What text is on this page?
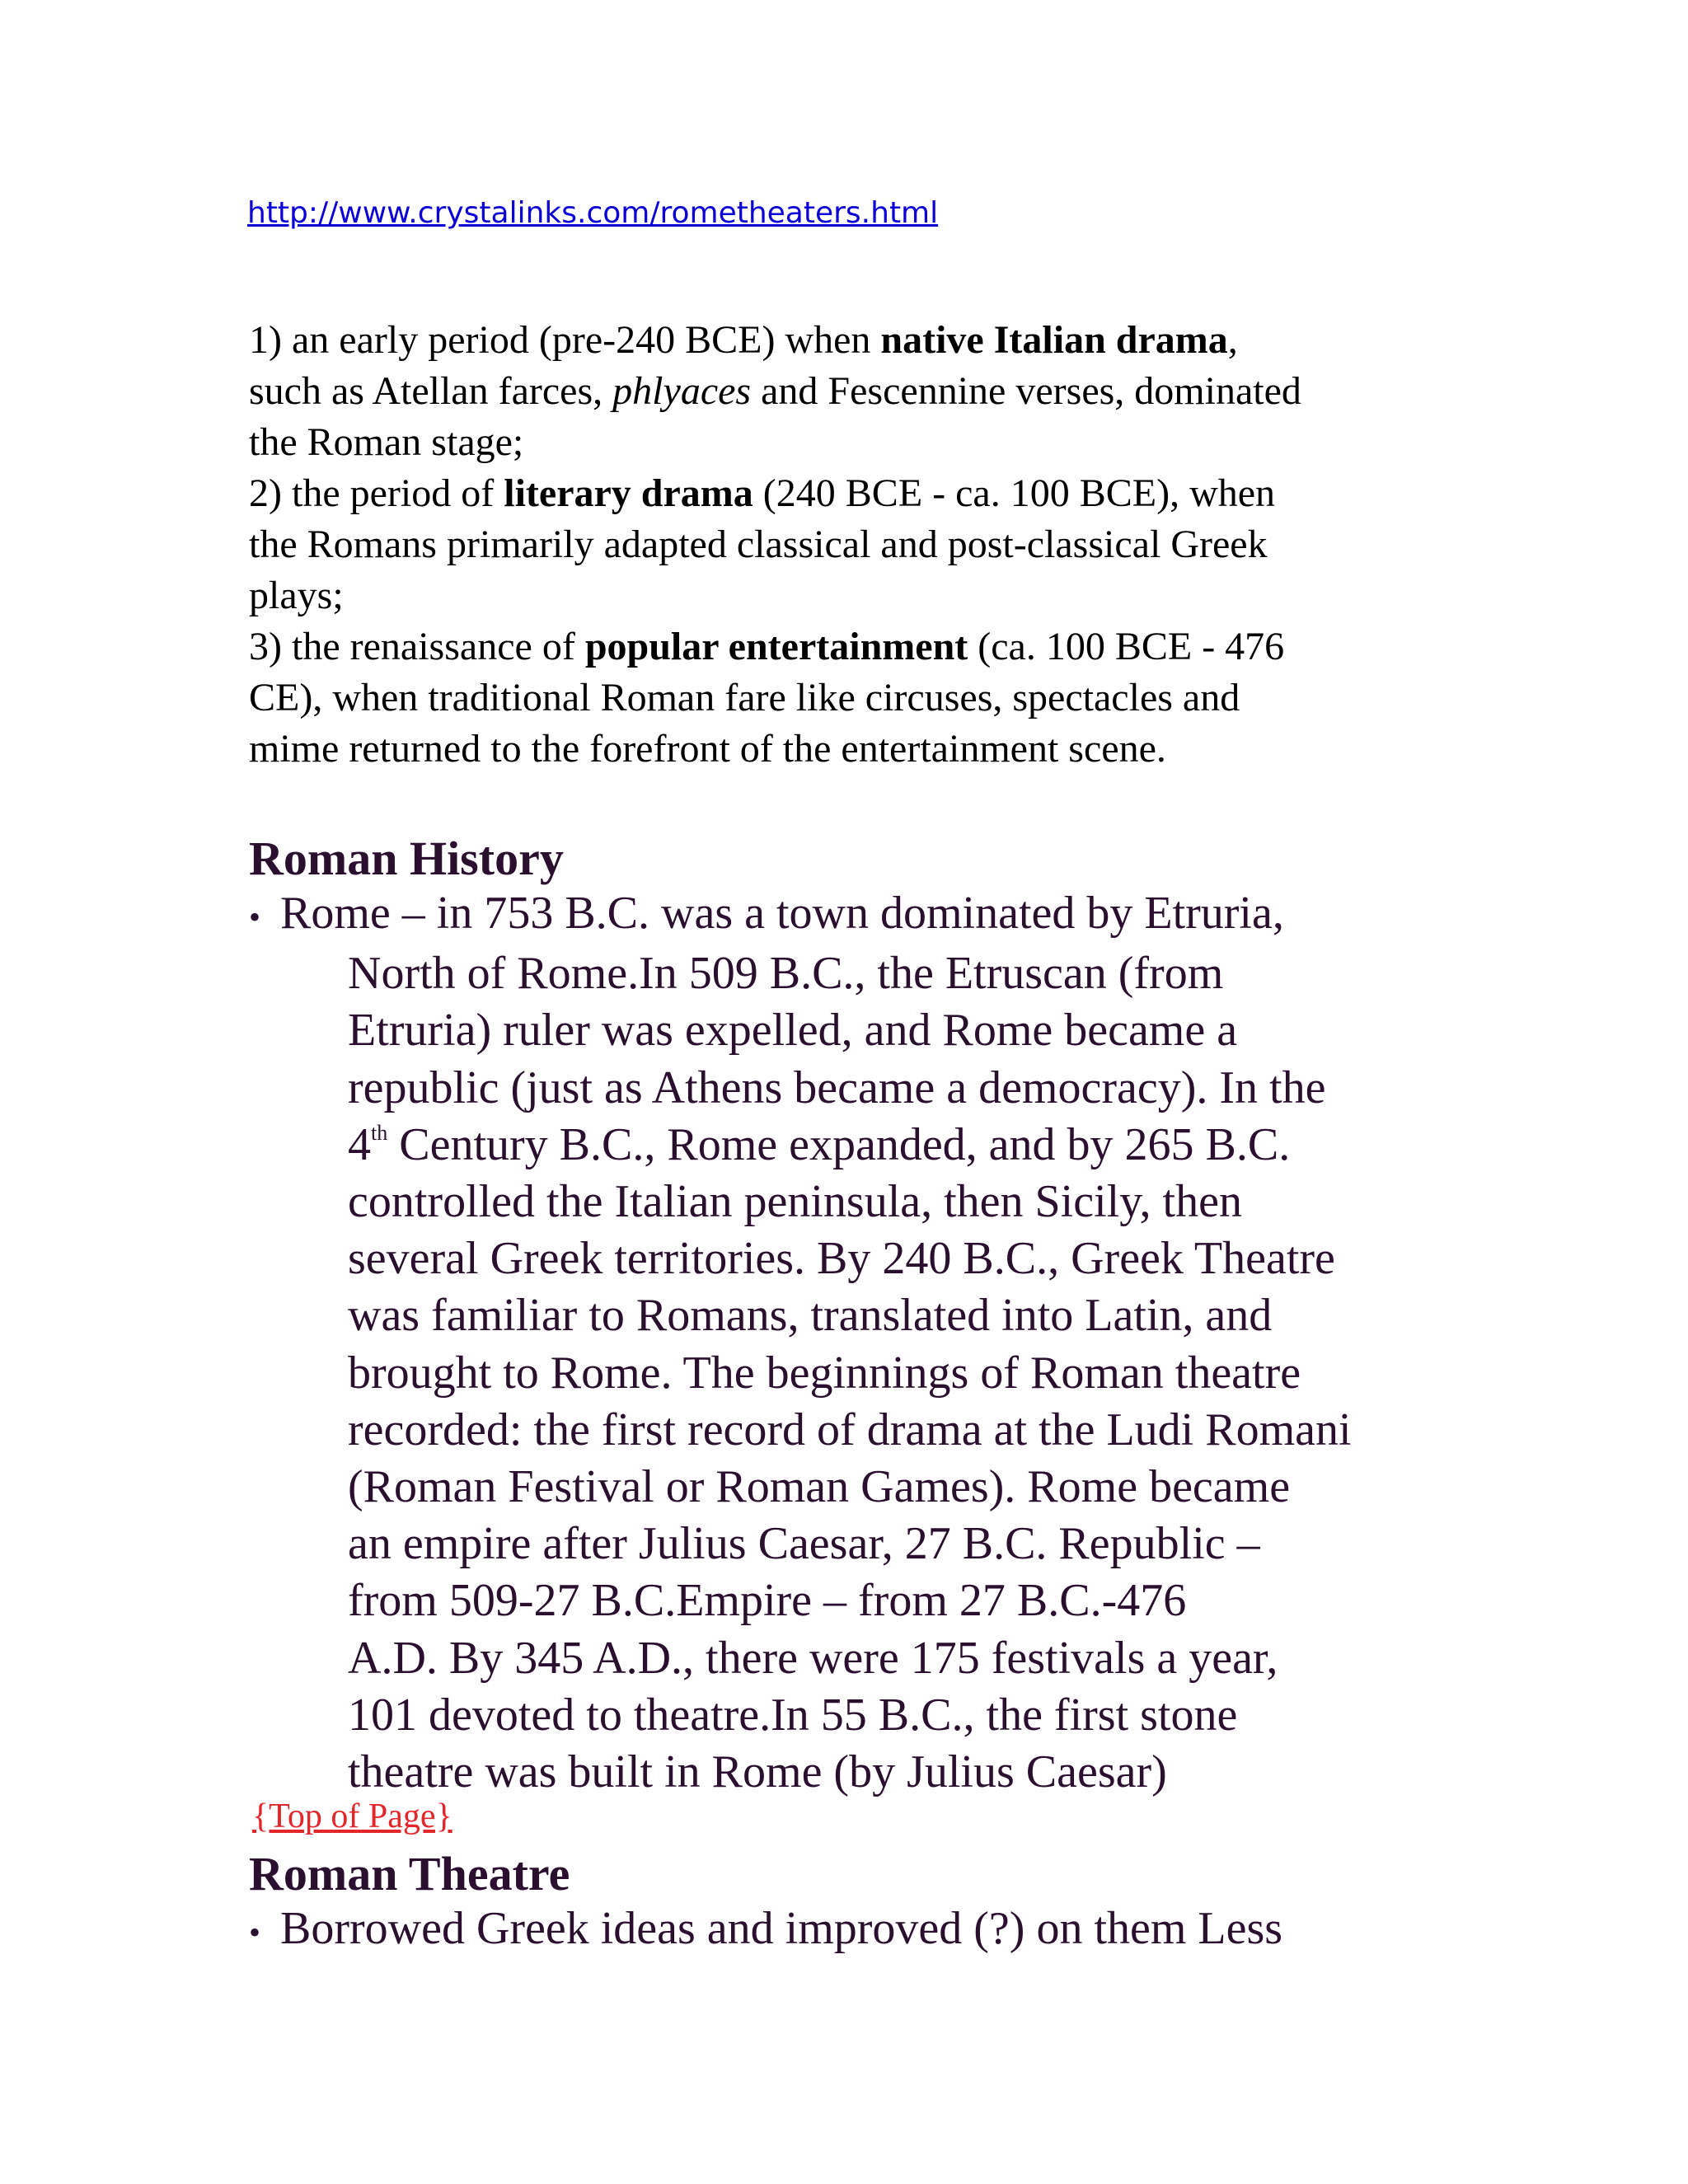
http://www.crystalinks.com/rometheaters.html

1) an early period (pre-240 BCE) when native Italian drama,

such as Atellan farces, phlyaces and Fescennine verses, dominated

the Roman stage;

2) the period of literary drama (240 BCE - ca. 100 BCE), when

the Romans primarily adapted classical and post-classical Greek

plays;

3) the renaissance of popular entertainment (ca. 100 BCE - 476

CE), when traditional Roman fare like circuses, spectacles and

mime returned to the forefront of the entertainment scene.

Roman History
• Rome – in 753 B.C. was a town dominated by Etruria,
North of Rome.In 509 B.C., the Etruscan (from
Etruria) ruler was expelled, and Rome became a
republic (just as Athens became a democracy). In the
4th Century B.C., Rome expanded, and by 265 B.C.
controlled the Italian peninsula, then Sicily, then
several Greek territories. By 240 B.C., Greek Theatre
was familiar to Romans, translated into Latin, and
brought to Rome. The beginnings of Roman theatre
recorded: the first record of drama at the Ludi Romani
(Roman Festival or Roman Games). Rome became
an empire after Julius Caesar, 27 B.C. Republic –
from 509-27 B.C.Empire – from 27 B.C.-476
A.D. By 345 A.D., there were 175 festivals a year,
101 devoted to theatre.In 55 B.C., the first stone
theatre was built in Rome (by Julius Caesar)
{Top of Page}
Roman Theatre
• Borrowed Greek ideas and improved (?) on them Less
